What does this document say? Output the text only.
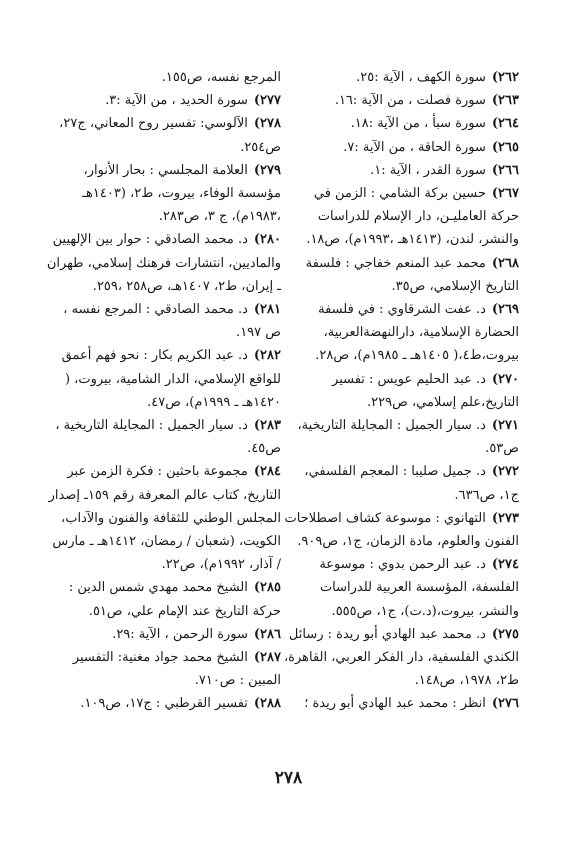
٢٦٢)سورة الكهف ، الآية :٢٥.

٢٦٣)سورة فصلت ، من الآية :١٦.

٢٦٤)سورة سبأ ، من الآية :١٨.

٢٦٥)سورة الحاقة ، من الآية :٧.

٢٦٦)سورة القدر ، الآية :١.

٢٦٧)حسين بركة الشامي : الزمن في حركة العامليـن، دار الإسلام للدراسات والنشر، لندن، (١٤١٣هـ ،١٩٩٣م)، ص١٨.

٢٦٨)محمد عبد المنعم خفاجي : فلسفة التاريخ الإسلامي، ص٣٥.

٢٦٩)د. عفت الشرقاوي : في فلسفة الحضارة الإسلامية، دارالنهضةالعربية، بيروت،ط٤،( ١٤٠٥هـ ـ ١٩٨٥م)، ص٢٨.

٢٧٠)د. عبد الحليم عويس : تفسير التاريخ،علم إسلامي، ص٢٢٩.

٢٧١)د. سيار الجميل : المجايلة التاريخية، ص٥٣.

٢٧٢)د. جميل صليبا : المعجم الفلسفي، ج١، ص٦٣٦.

٢٧٣)التهانوي : موسوعة كشاف اصطلاحات الفنون والعلوم، مادة الزمان، ج١، ص٩٠٩.

٢٧٤)د. عبد الرحمن بدوي : موسوعة الفلسفة، المؤسسة العربية للدراسات والنشر، بيروت،(د.ت)، ج١، ص٥٥٥.

٢٧٥)د. محمد عبد الهادي أبو ريدة : رسائل الكندي الفلسفية، دار الفكر العربي، القاهرة، ط٢، ١٩٧٨، ص١٤٨.

٢٧٦)انظر : محمد عبد الهادي أبو ريدة ؛

المرجع نفسه، ص١٥٥.

٢٧٧)سورة الحديد ، من الآية :٣.

٢٧٨)الآلوسي: تفسير روح المعاني، ج٢٧، ص٢٥٤.

٢٧٩)العلامة المجلسي : بحار الأنوار، مؤسسة الوفاء، بيروت، ط٢، (١٤٠٣هـ ،١٩٨٣م)، ج ٣، ص٢٨٣.

٢٨٠)د. محمد الصادقي : حوار بين الإلهيين والماديين، انتشارات فرهنك إسلامي، طهران ـ إيران، ط٢، ١٤٠٧هـ، ص٢٥٨ ،٢٥٩.

٢٨١)د. محمد الصادقي : المرجع نفسه ، ص ١٩٧.

٢٨٢)د. عبد الكريم بكار : نحو فهم أعمق للواقع الإسلامي، الدار الشامية، بيروت، ( ١٤٢٠هـ ـ ١٩٩٩م)، ص٤٧.

٢٨٣)د. سيار الجميل : المجايلة التاريخية ، ص٤٥.

٢٨٤)مجموعة باحثين : فكرة الزمن عبر التاريخ، كتاب عالم المعرفة رقم ١٥٩ـ إصدار المجلس الوطني للثقافة والفنون والآداب، الكويت، (شعبان / رمضان، ١٤١٢هـ ـ مارس / آذار، ١٩٩٢م)، ص٢٢.

٢٨٥)الشيخ محمد مهدي شمس الدين : حركة التاريخ عند الإمام علي، ص٥١.

٢٨٦)سورة الرحمن ، الآية :٢٩.

٢٨٧)الشيخ محمد جواد مغنية: التفسير المبين : ص٧١٠.

٢٨٨)تفسير القرطبي : ج١٧، ص١٠٩.

٢٧٨
